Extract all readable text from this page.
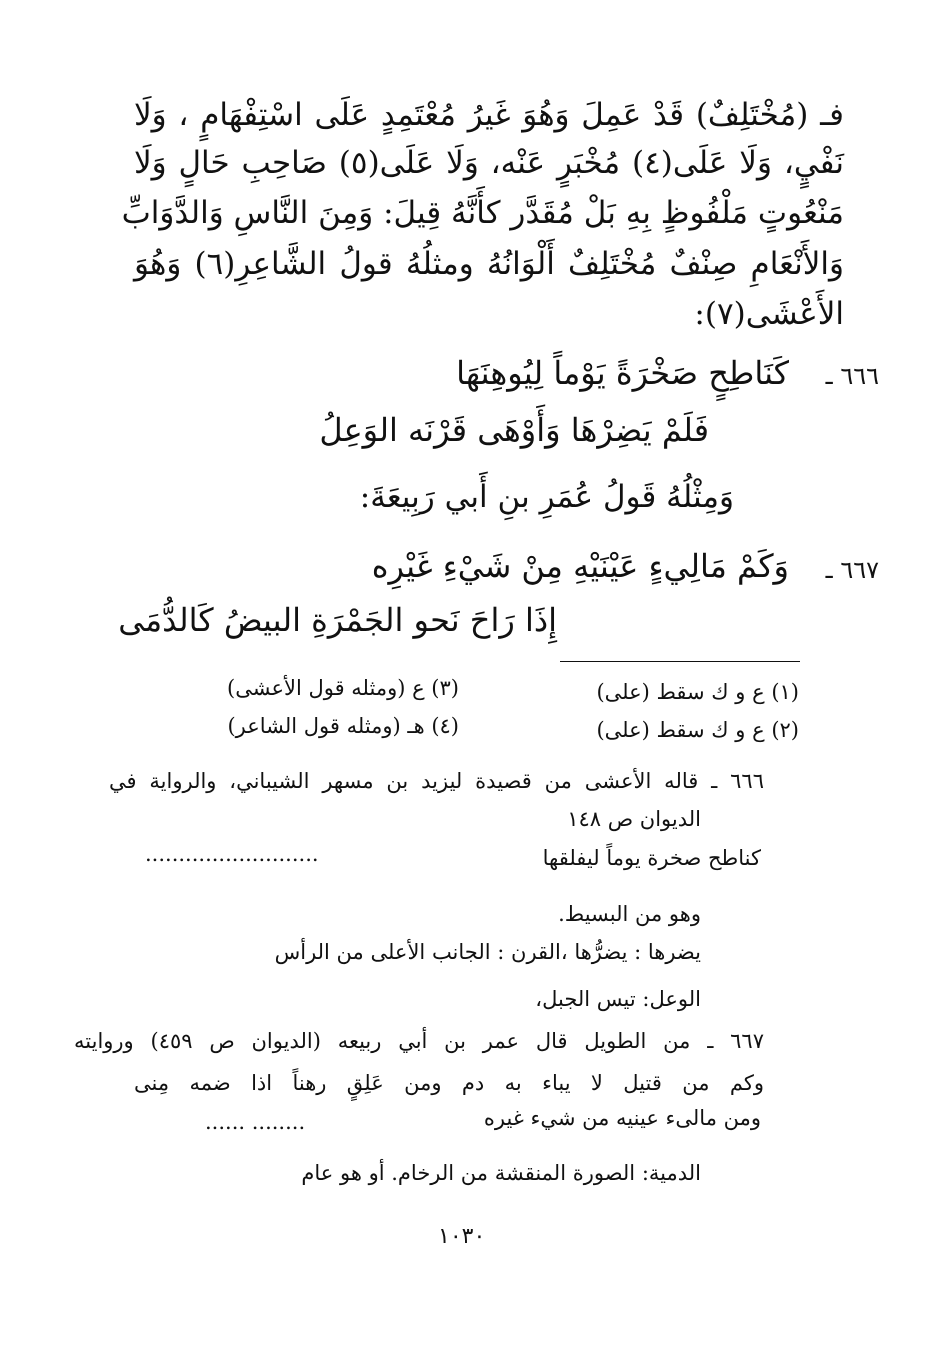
فـ (مُخْتَلِفٌ) قَدْ عَمِلَ وَهُوَ غَيرُ مُعْتَمِدٍ عَلَى اسْتِفْهَامٍ ، وَلَا
نَفْيٍ، وَلَا عَلَى(٤) مُخْبَرٍ عَنْه، وَلَا عَلَى(٥) صَاحِبِ حَالٍ وَلَا
مَنْعُوتٍ مَلْفُوظٍ بِهِ بَلْ مُقَدَّر كأَنَّهُ قِيلَ: وَمِنَ النَّاسِ وَالدَّوَابِّ
وَالأَنْعَامِ صِنْفٌ مُخْتَلِفٌ أَلْوَانُهُ ومثلُهُ قولُ الشَّاعِرِ(٦) وَهُوَ
الأَعْشَى(٧):
٦٦٦ ـ
كَنَاطِحٍ صَخْرَةً يَوْماً لِيُوهِنَهَا
فَلَمْ يَضِرْهَا وَأَوْهَى قَرْنَه الوَعِلُ
وَمِثْلُهُ قَولُ عُمَرِ بنِ أَبي رَبِيعَةَ:
٦٦٧ ـ
وَكَمْ مَالِيءٍ عَيْنَيْهِ مِنْ شَيْءِ غَيْرِه
إِذَا رَاحَ نَحو الجَمْرَةِ البيضُ كَالدُّمَى
(١) ع و ك سقط (على)
(٢) ع و ك سقط (على)
(٣) ع (ومثله قول الأعشى)
(٤) هـ (ومثله قول الشاعر)
٦٦٦ ـ قاله الأعشى من قصيدة ليزيد بن مسهر الشيباني، والرواية في
الديوان ص ١٤٨
كناطح صخرة يوماً ليفلقها
..........................
وهو من البسيط.
يضرها : يضرُّها ،القرن : الجانب الأعلى من الرأس
الوعل: تيس الجبل،
٦٦٧ ـ من الطويل قال عمر بن أبي ربيعه (الديوان ص ٤٥٩) وروايته
وكم من قتيل لا يباء به دم ومن عَلِقٍ رهناً اذا ضمه مِنى
ومن مالىء عينيه من شيء غيره
...... ........
الدمية: الصورة المنقشة من الرخام. أو هو عام
١٠٣٠
